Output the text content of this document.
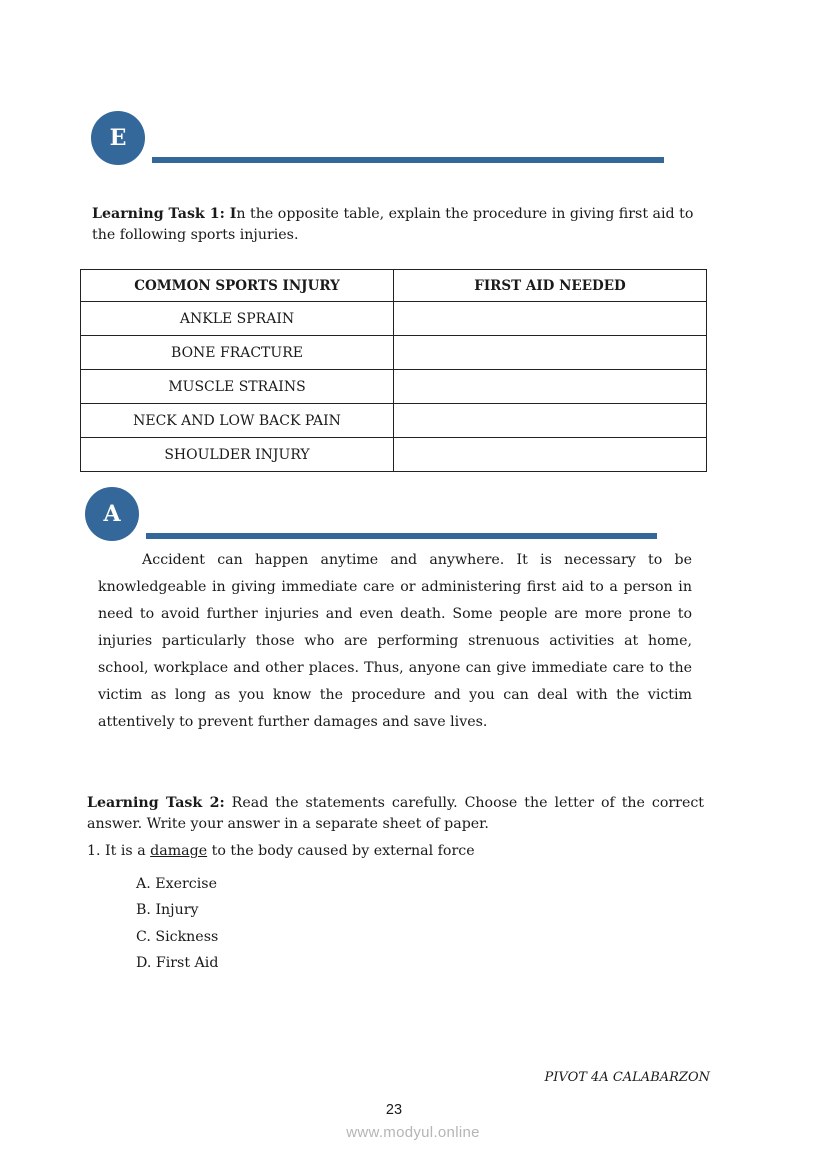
E
Learning Task 1: In the opposite table, explain the procedure in giving first aid to the following sports injuries.
COMMON SPORTS INJURY	FIRST AID NEEDED
ANKLE SPRAIN	
BONE FRACTURE	
MUSCLE STRAINS	
NECK AND LOW BACK PAIN	
SHOULDER INJURY	
A
Accident can happen anytime and anywhere. It is necessary to be knowledgeable in giving immediate care or administering first aid to a person in need to avoid further injuries and even death. Some people are more prone to injuries particularly those who are performing strenuous activities at home, school, workplace and other places. Thus, anyone can give immediate care to the victim as long as you know the procedure and you can deal with the victim attentively to prevent further damages and save lives.
Learning Task 2: Read the statements carefully. Choose the letter of the correct answer. Write your answer in a separate sheet of paper.
1. It is a damage to the body caused by external force
A. Exercise
B. Injury
C. Sickness
D. First Aid
PIVOT 4A CALABARZON
23
www.modyul.online
